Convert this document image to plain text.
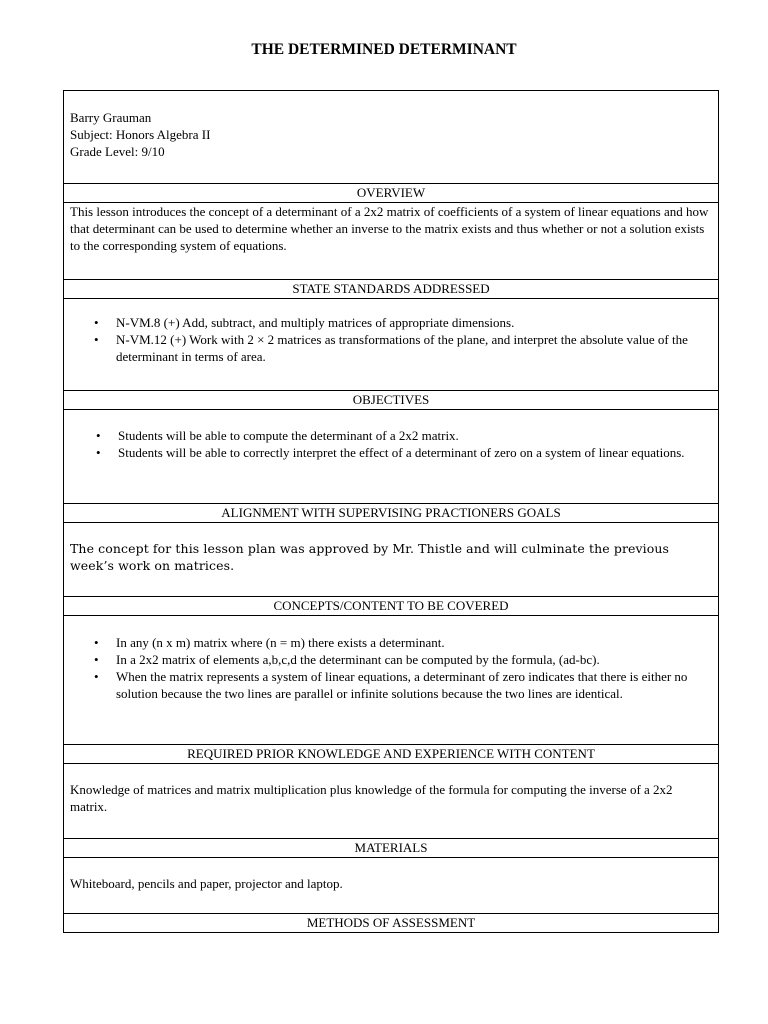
THE DETERMINED DETERMINANT
Barry Grauman
Subject: Honors Algebra II
Grade Level: 9/10

OVERVIEW
This lesson introduces the concept of a determinant of a 2x2 matrix of coefficients of a system of linear equations and how that determinant can be used to determine whether an inverse to the matrix exists and thus whether or not a solution exists to the corresponding system of equations.
STATE STANDARDS ADDRESSED

• N-VM.8 (+) Add, subtract, and multiply matrices of appropriate dimensions.
• N-VM.12 (+) Work with 2 × 2 matrices as transformations of the plane, and interpret the absolute value of the determinant in terms of area.

OBJECTIVES

• Students will be able to compute the determinant of a 2x2 matrix.
• Students will be able to correctly interpret the effect of a determinant of zero on a system of linear equations.

ALIGNMENT WITH SUPERVISING PRACTIONERS GOALS
The concept for this lesson plan was approved by Mr. Thistle and will culminate the previous week’s work on matrices.
CONCEPTS/CONTENT TO BE COVERED

• In any (n x m) matrix where (n = m) there exists a determinant.
• In a 2x2 matrix of elements a,b,c,d the determinant can be computed by the formula, (ad-bc).
• When the matrix represents a system of linear equations, a determinant of zero indicates that there is either no solution because the two lines are parallel or infinite solutions because the two lines are identical.

REQUIRED PRIOR KNOWLEDGE AND EXPERIENCE WITH CONTENT
Knowledge of matrices and matrix multiplication plus knowledge of the formula for computing the inverse of a 2x2 matrix.
MATERIALS
Whiteboard, pencils and paper, projector and laptop.
METHODS OF ASSESSMENT
